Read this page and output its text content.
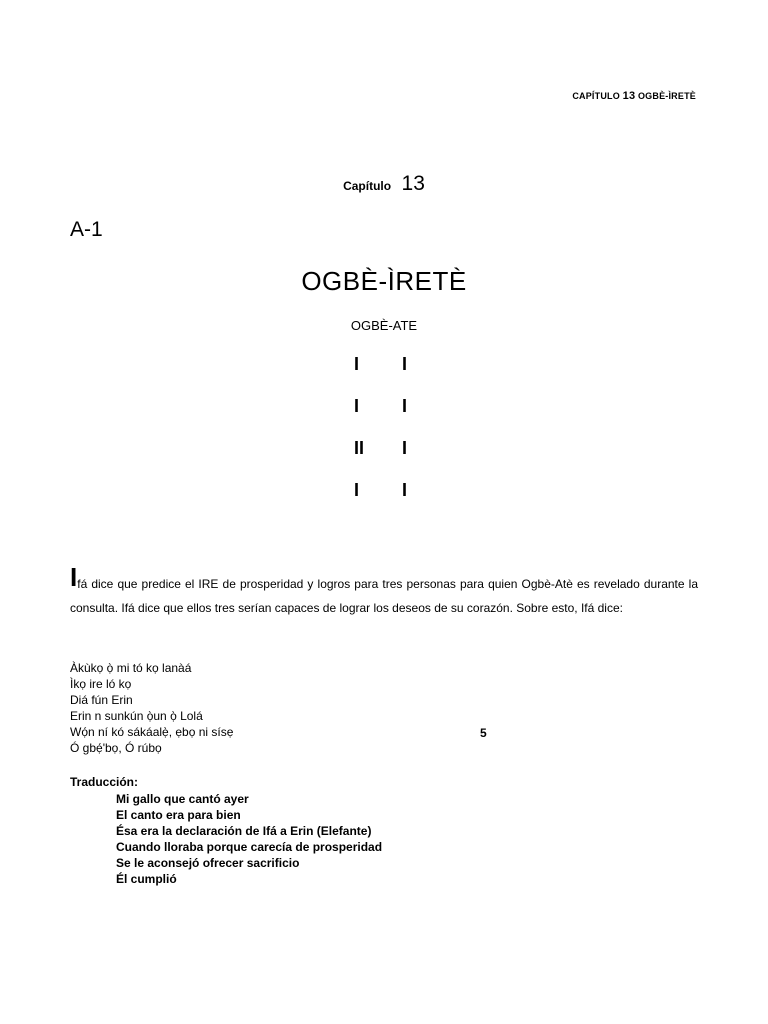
CAPÍTULO 13 OGBÈ-ÌRETÈ
Capítulo 13
A-1
OGBÈ-ÌRETÈ
OGBÈ-ATE
I I
I I
II I
I I

Ifá dice que predice el IRE de prosperidad y logros para tres personas para quien Ogbè-Atè es revelado durante la consulta. Ifá dice que ellos tres serían capaces de lograr los deseos de su corazón. Sobre esto, Ifá dice:

Àkùkọ ọ̀ mi tó kọ lanàá
Ìkọ ire ló kọ
Diá fún Erin
Erin n sunkún ọ̀un ọ̀ Lolá
Wọ́n ní kó sákáalẹ̀, ẹbọ ni sísẹ
Ó gbẹ́'bọ, Ó rúbọ
5
Traducción:
Mi gallo que cantó ayer
El canto era para bien
Ésa era la declaración de Ifá a Erin (Elefante)
Cuando lloraba porque carecía de prosperidad
Se le aconsejó ofrecer sacrificio
Él cumplió
